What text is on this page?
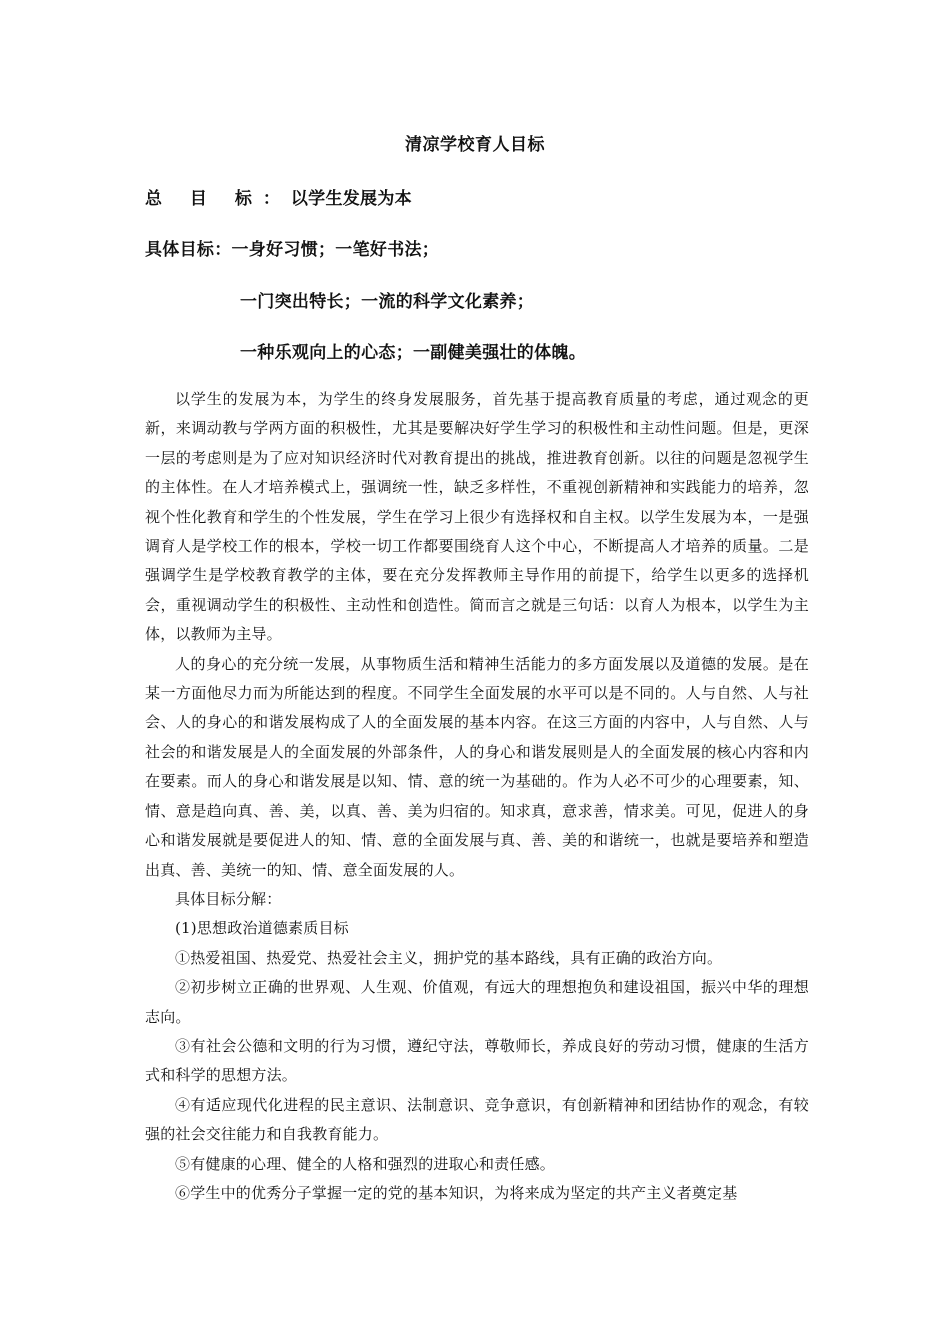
清凉学校育人目标
总 目 标：以学生发展为本
具体目标：一身好习惯；一笔好书法；
一门突出特长；一流的科学文化素养；
一种乐观向上的心态；一副健美强壮的体魄。

以学生的发展为本，为学生的终身发展服务，首先基于提高教育质量的考虑，通过观念的更新，来调动教与学两方面的积极性，尤其是要解决好学生学习的积极性和主动性问题。但是，更深一层的考虑则是为了应对知识经济时代对教育提出的挑战，推进教育创新。以往的问题是忽视学生的主体性。在人才培养模式上，强调统一性，缺乏多样性，不重视创新精神和实践能力的培养，忽视个性化教育和学生的个性发展，学生在学习上很少有选择权和自主权。以学生发展为本，一是强调育人是学校工作的根本，学校一切工作都要围绕育人这个中心，不断提高人才培养的质量。二是强调学生是学校教育教学的主体，要在充分发挥教师主导作用的前提下，给学生以更多的选择机会，重视调动学生的积极性、主动性和创造性。简而言之就是三句话：以育人为根本，以学生为主体，以教师为主导。

人的身心的充分统一发展，从事物质生活和精神生活能力的多方面发展以及道德的发展。是在某一方面他尽力而为所能达到的程度。不同学生全面发展的水平可以是不同的。人与自然、人与社会、人的身心的和谐发展构成了人的全面发展的基本内容。在这三方面的内容中，人与自然、人与社会的和谐发展是人的全面发展的外部条件，人的身心和谐发展则是人的全面发展的核心内容和内在要素。而人的身心和谐发展是以知、情、意的统一为基础的。作为人必不可少的心理要素，知、情、意是趋向真、善、美，以真、善、美为归宿的。知求真，意求善，情求美。可见，促进人的身心和谐发展就是要促进人的知、情、意的全面发展与真、善、美的和谐统一，也就是要培养和塑造出真、善、美统一的知、情、意全面发展的人。

具体目标分解：

(1)思想政治道德素质目标

①热爱祖国、热爱党、热爱社会主义，拥护党的基本路线，具有正确的政治方向。

②初步树立正确的世界观、人生观、价值观，有远大的理想抱负和建设祖国，振兴中华的理想志向。

③有社会公德和文明的行为习惯，遵纪守法，尊敬师长，养成良好的劳动习惯，健康的生活方式和科学的思想方法。

④有适应现代化进程的民主意识、法制意识、竞争意识，有创新精神和团结协作的观念，有较强的社会交往能力和自我教育能力。

⑤有健康的心理、健全的人格和强烈的进取心和责任感。

⑥学生中的优秀分子掌握一定的党的基本知识，为将来成为坚定的共产主义者奠定基
